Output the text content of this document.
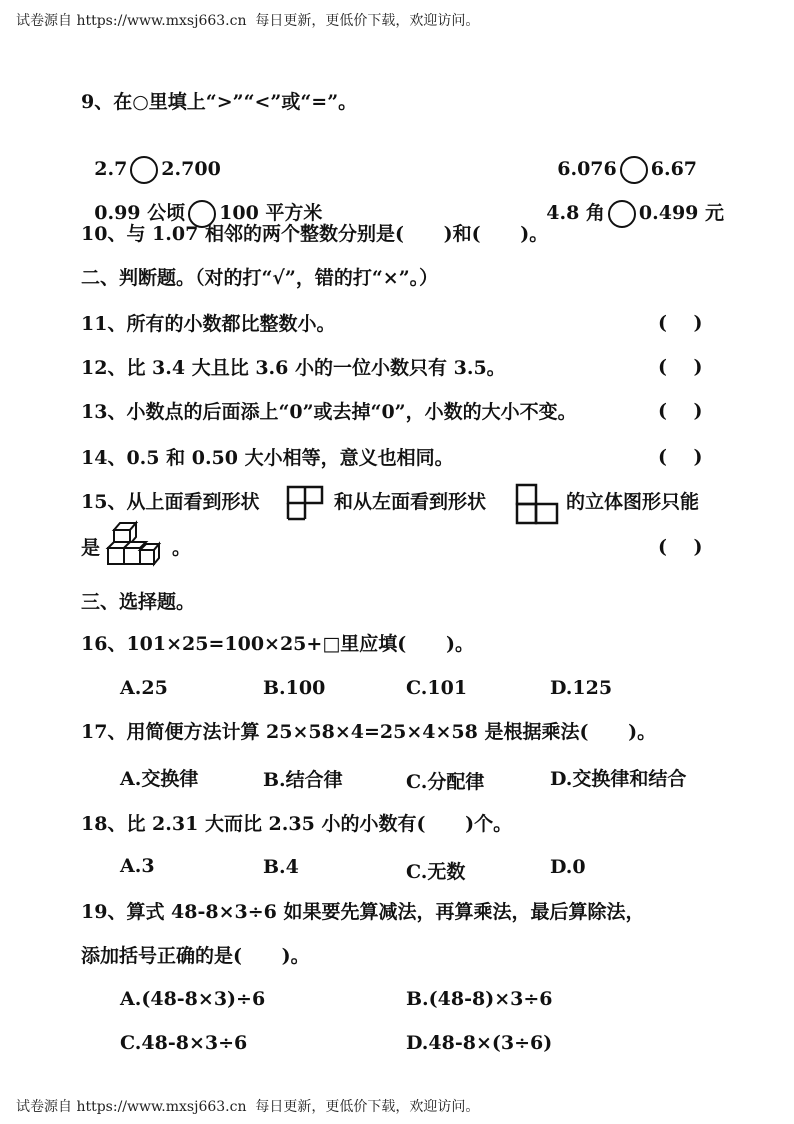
试卷源自 https://www.mxsj663.cn  每日更新，更低价下载，欢迎访问。
9、在○里填上“>”“<”或“=”。

2.7 2.700	6.076 6.67

0.99 公顷 100 平方米	4.8 角 0.499 元

10、与 1.07 相邻的两个整数分别是(      )和(      )。
二、判断题。（对的打“√”，错的打“×”。）
11、所有的小数都比整数小。	(    )
12、比 3.4 大且比 3.6 小的一位小数只有 3.5。	(    )
13、小数点的后面添上“0”或去掉“0”，小数的大小不变。	(    )
14、0.5 和 0.50 大小相等，意义也相同。	(    )
15、从上面看到形状	和从左面看到形状	的立体图形只能
是	。	(    )
三、选择题。
16、101×25=100×25+□里应填(      )。
A.25	B.100	C.101	D.125
17、用简便方法计算 25×58×4=25×4×58 是根据乘法(      )。
A.交换律	B.结合律	C.分配律	D.交换律和结合
18、比 2.31 大而比 2.35 小的小数有(      )个。
A.3	B.4	C.无数	D.0
19、算式 48-8×3÷6 如果要先算减法，再算乘法，最后算除法，
添加括号正确的是(      )。
A.(48-8×3)÷6	B.(48-8)×3÷6
C.48-8×3÷6	D.48-8×(3÷6)
试卷源自 https://www.mxsj663.cn  每日更新，更低价下载，欢迎访问。
